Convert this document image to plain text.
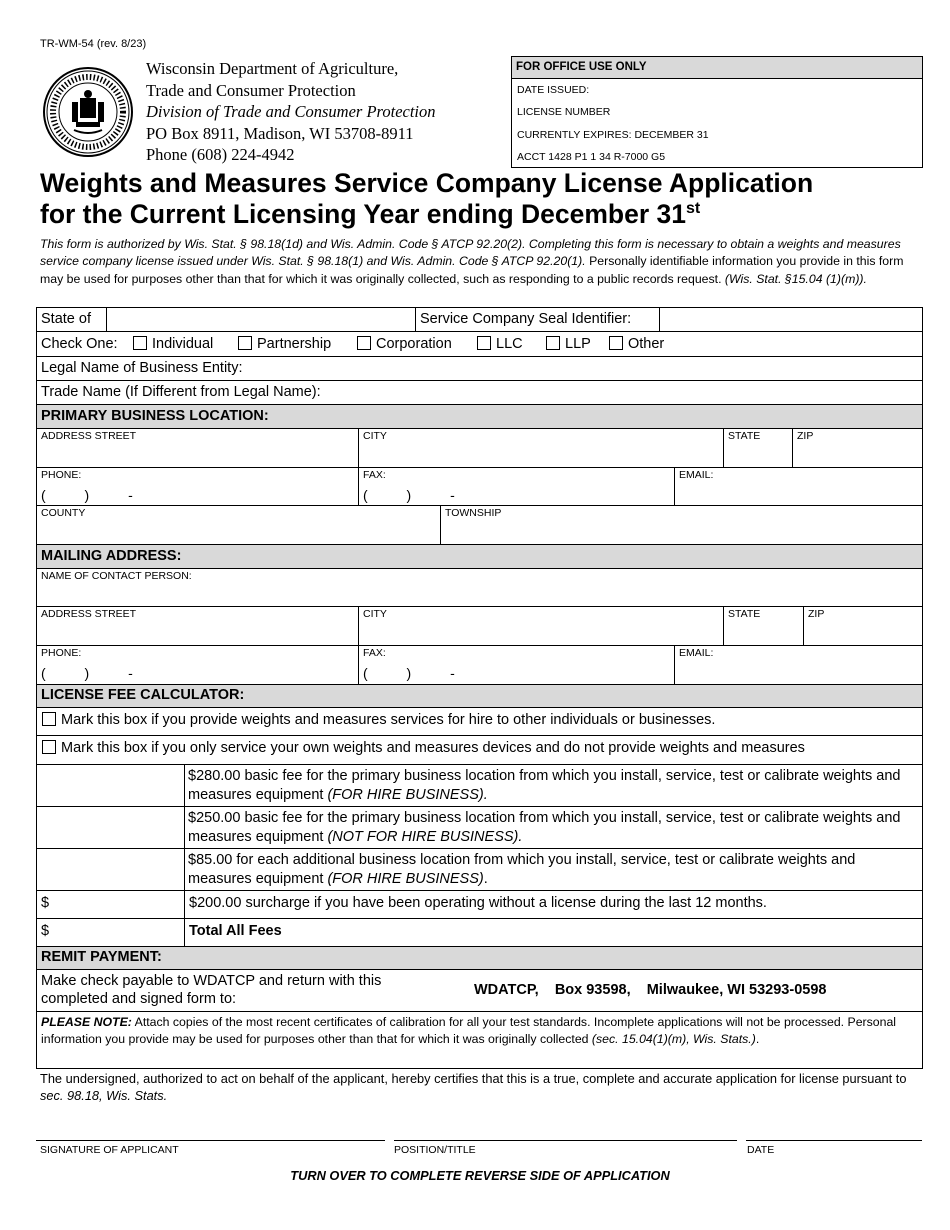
TR-WM-54 (rev. 8/23)
Wisconsin Department of Agriculture,
Trade and Consumer Protection
Division of Trade and Consumer Protection
PO Box 8911, Madison, WI 53708-8911
Phone (608) 224-4942
FOR OFFICE USE ONLY
DATE ISSUED:
LICENSE NUMBER
CURRENTLY EXPIRES: DECEMBER 31
ACCT 1428 P1 1 34 R-7000 G5
Weights and Measures Service Company License Application
for the Current Licensing Year ending December 31st
This form is authorized by Wis. Stat. § 98.18(1d) and Wis. Admin. Code § ATCP 92.20(2). Completing this form is necessary to obtain a weights and measures service company license issued under Wis. Stat. § 98.18(1) and Wis. Admin. Code § ATCP 92.20(1). Personally identifiable information you provide in this form may be used for purposes other than that for which it was originally collected, such as responding to a public records request. (Wis. Stat. §15.04 (1)(m)).
State of	Service Company Seal Identifier:
Check One:	Individual	Partnership	Corporation	LLC	LLP	Other
Legal Name of Business Entity:
Trade Name (If Different from Legal Name):
PRIMARY BUSINESS LOCATION:
ADDRESS STREET	CITY	STATE	ZIP
PHONE:
(          )          -
FAX:
(          )          -
EMAIL:
COUNTY	TOWNSHIP
MAILING ADDRESS:
NAME OF CONTACT PERSON:
ADDRESS STREET	CITY	STATE	ZIP
PHONE:
(          )          -
FAX:
(          )          -
EMAIL:
LICENSE FEE CALCULATOR:
Mark this box if you provide weights and measures services for hire to other individuals or businesses.
Mark this box if you only service your own weights and measures devices and do not provide weights and measures
$280.00 basic fee for the primary business location from which you install, service, test or calibrate weights and measures equipment (FOR HIRE BUSINESS).
$250.00 basic fee for the primary business location from which you install, service, test or calibrate weights and measures equipment (NOT FOR HIRE BUSINESS).
$85.00 for each additional business location from which you install, service, test or calibrate weights and measures equipment (FOR HIRE BUSINESS).
$	$200.00 surcharge if you have been operating without a license during the last 12 months.
$	Total All Fees
REMIT PAYMENT:
Make check payable to WDATCP and return with this completed and signed form to:
WDATCP,    Box 93598,    Milwaukee, WI 53293-0598
PLEASE NOTE: Attach copies of the most recent certificates of calibration for all your test standards. Incomplete applications will not be processed. Personal information you provide may be used for purposes other than that for which it was originally collected (sec. 15.04(1)(m), Wis. Stats.).
The undersigned, authorized to act on behalf of the applicant, hereby certifies that this is a true, complete and accurate application for license pursuant to sec. 98.18, Wis. Stats.
SIGNATURE OF APPLICANT	POSITION/TITLE	DATE
TURN OVER TO COMPLETE REVERSE SIDE OF APPLICATION
